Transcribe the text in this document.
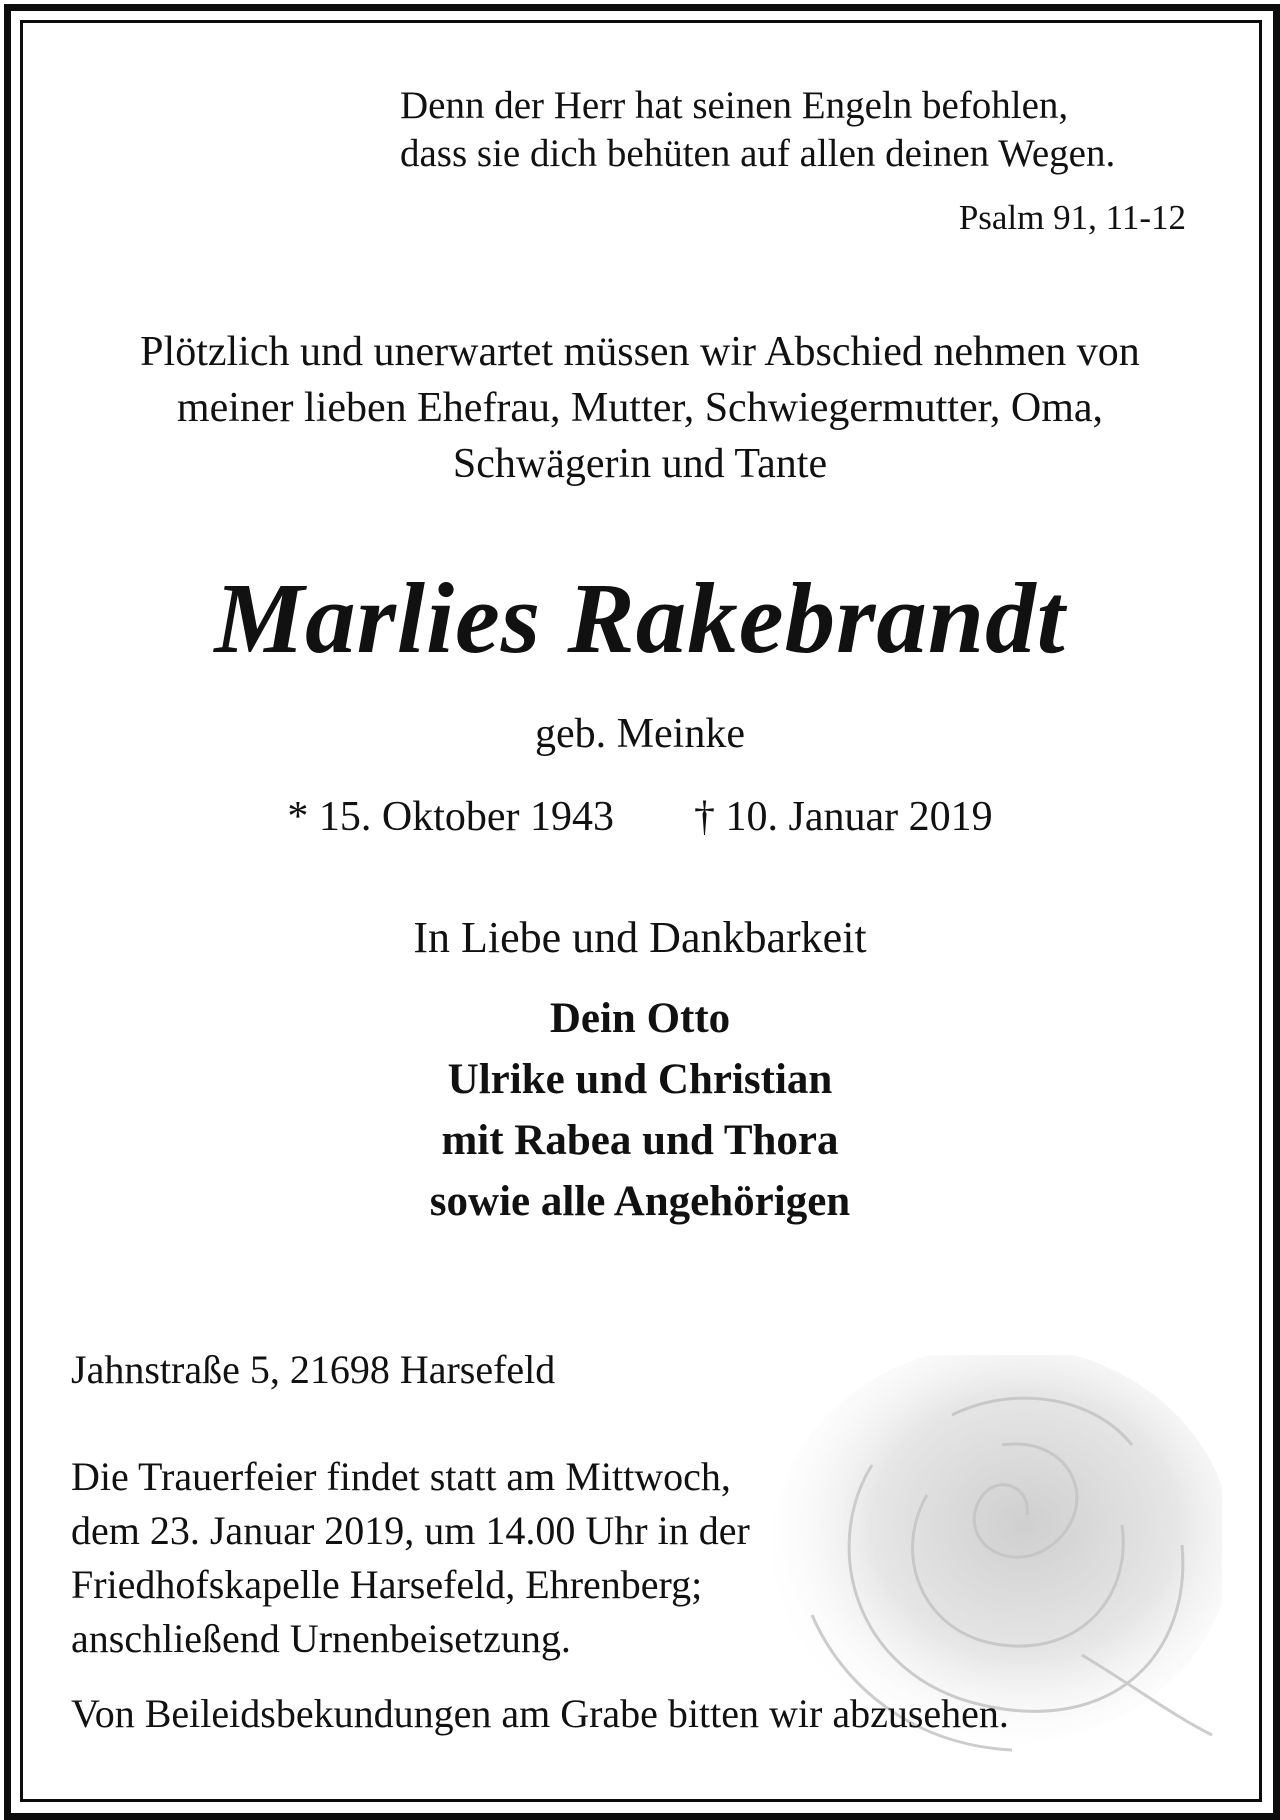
Denn der Herr hat seinen Engeln befohlen,
dass sie dich behüten auf allen deinen Wegen.
Psalm 91, 11-12
Plötzlich und unerwartet müssen wir Abschied nehmen von
meiner lieben Ehefrau, Mutter, Schwiegermutter, Oma,
Schwägerin und Tante
Marlies Rakebrandt
geb. Meinke
* 15. Oktober 1943 † 10. Januar 2019
In Liebe und Dankbarkeit
Dein Otto
Ulrike und Christian
mit Rabea und Thora
sowie alle Angehörigen
Jahnstraße 5, 21698 Harsefeld
Die Trauerfeier findet statt am Mittwoch,
dem 23. Januar 2019, um 14.00 Uhr in der
Friedhofskapelle Harsefeld, Ehrenberg;
anschließend Urnenbeisetzung.
Von Beileidsbekundungen am Grabe bitten wir abzusehen.
